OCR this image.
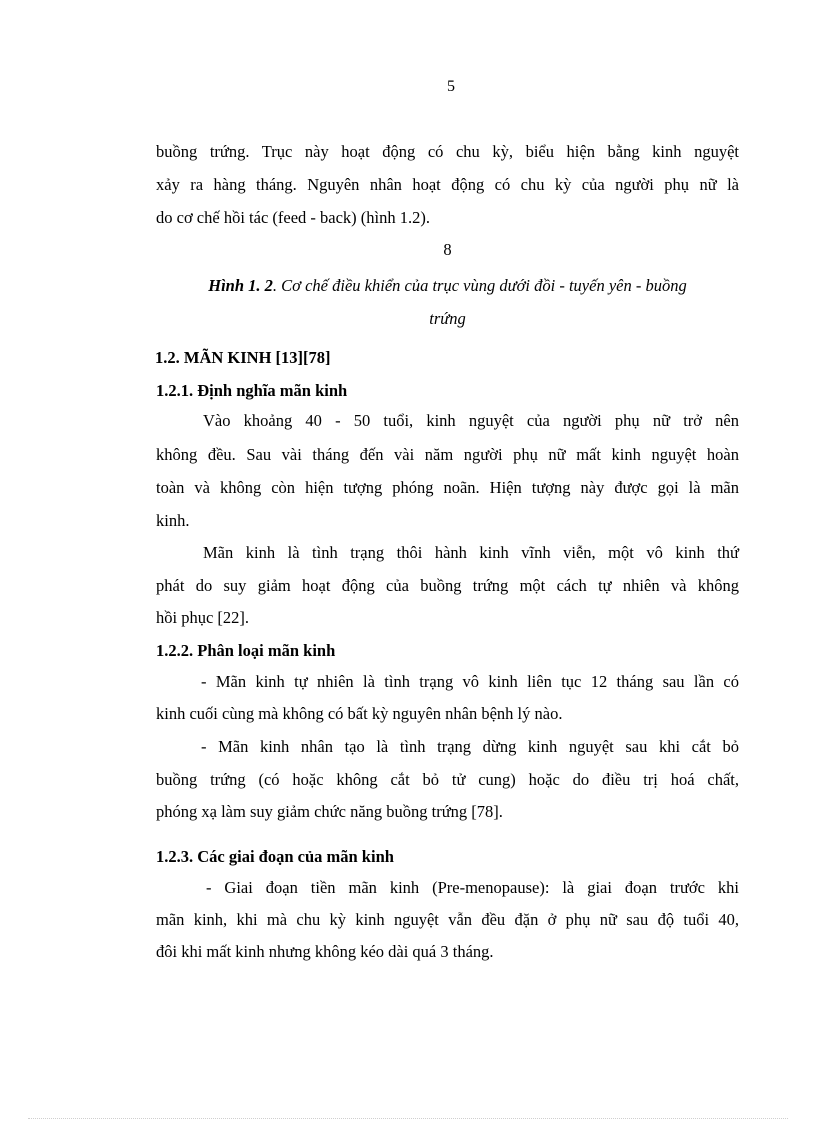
5
buồng trứng. Trục này hoạt động có chu kỳ, biểu hiện bằng kinh nguyệt
xảy ra hàng tháng. Nguyên nhân hoạt động có chu kỳ của người phụ nữ là
do cơ chế hồi tác (feed - back) (hình 1.2).
8
Hình 1. 2. Cơ chế điều khiển của trục vùng dưới đồi - tuyến yên - buồng
trứng
1.2. MÃN KINH [13][78]
1.2.1. Định nghĩa mãn kinh
Vào khoảng 40 - 50 tuổi, kinh nguyệt của người phụ nữ trở nên
không đều. Sau vài tháng đến vài năm người phụ nữ mất kinh nguyệt hoàn
toàn và không còn hiện tượng phóng noãn. Hiện tượng này được gọi là mãn
kinh.
Mãn kinh là tình trạng thôi hành kinh vĩnh viễn, một vô kinh thứ
phát do suy giảm hoạt động của buồng trứng một cách tự nhiên và không
hồi phục [22].
1.2.2. Phân loại mãn kinh
- Mãn kinh tự nhiên là tình trạng vô kinh liên tục 12 tháng sau lần có
kinh cuối cùng mà không có bất kỳ nguyên nhân bệnh lý nào.
- Mãn kinh nhân tạo là tình trạng dừng kinh nguyệt sau khi cắt bỏ
buồng trứng (có hoặc không cắt bỏ tử cung) hoặc do điều trị hoá chất,
phóng xạ làm suy giảm chức năng buồng trứng [78].
1.2.3. Các giai đoạn của mãn kinh
- Giai đoạn tiền mãn kinh (Pre-menopause): là giai đoạn trước khi
mãn kinh, khi mà chu kỳ kinh nguyệt vẫn đều đặn ở phụ nữ sau độ tuổi 40,
đôi khi mất kinh nhưng không kéo dài quá 3 tháng.
